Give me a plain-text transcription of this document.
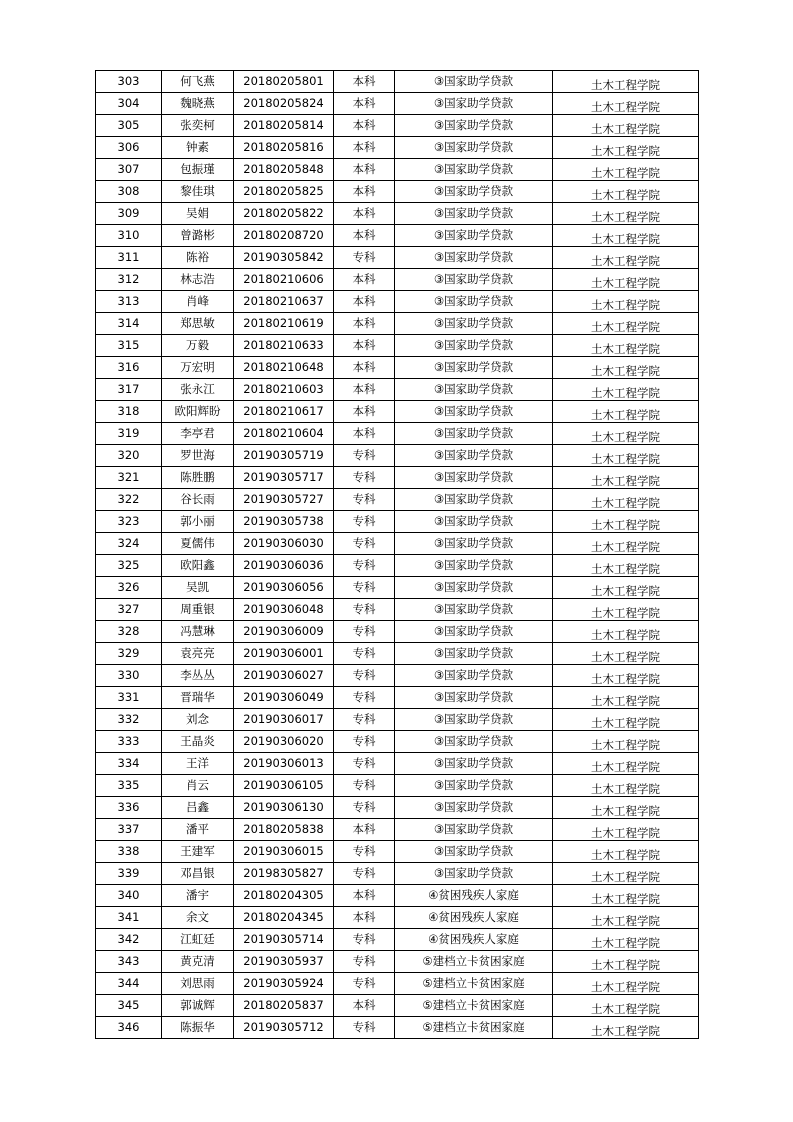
303	何飞燕	20180205801	本科	③国家助学贷款	土木工程学院
304	魏晓燕	20180205824	本科	③国家助学贷款	土木工程学院
305	张奕柯	20180205814	本科	③国家助学贷款	土木工程学院
306	钟素	20180205816	本科	③国家助学贷款	土木工程学院
307	包振瑾	20180205848	本科	③国家助学贷款	土木工程学院
308	黎佳琪	20180205825	本科	③国家助学贷款	土木工程学院
309	吴娟	20180205822	本科	③国家助学贷款	土木工程学院
310	曾潞彬	20180208720	本科	③国家助学贷款	土木工程学院
311	陈裕	20190305842	专科	③国家助学贷款	土木工程学院
312	林志浩	20180210606	本科	③国家助学贷款	土木工程学院
313	肖峰	20180210637	本科	③国家助学贷款	土木工程学院
314	郑思敏	20180210619	本科	③国家助学贷款	土木工程学院
315	万毅	20180210633	本科	③国家助学贷款	土木工程学院
316	万宏明	20180210648	本科	③国家助学贷款	土木工程学院
317	张永江	20180210603	本科	③国家助学贷款	土木工程学院
318	欧阳辉盼	20180210617	本科	③国家助学贷款	土木工程学院
319	李亭君	20180210604	本科	③国家助学贷款	土木工程学院
320	罗世海	20190305719	专科	③国家助学贷款	土木工程学院
321	陈胜鹏	20190305717	专科	③国家助学贷款	土木工程学院
322	谷长雨	20190305727	专科	③国家助学贷款	土木工程学院
323	郭小丽	20190305738	专科	③国家助学贷款	土木工程学院
324	夏儒伟	20190306030	专科	③国家助学贷款	土木工程学院
325	欧阳鑫	20190306036	专科	③国家助学贷款	土木工程学院
326	吴凯	20190306056	专科	③国家助学贷款	土木工程学院
327	周重银	20190306048	专科	③国家助学贷款	土木工程学院
328	冯慧琳	20190306009	专科	③国家助学贷款	土木工程学院
329	袁亮亮	20190306001	专科	③国家助学贷款	土木工程学院
330	李丛丛	20190306027	专科	③国家助学贷款	土木工程学院
331	晋瑞华	20190306049	专科	③国家助学贷款	土木工程学院
332	刘念	20190306017	专科	③国家助学贷款	土木工程学院
333	王晶炎	20190306020	专科	③国家助学贷款	土木工程学院
334	王洋	20190306013	专科	③国家助学贷款	土木工程学院
335	肖云	20190306105	专科	③国家助学贷款	土木工程学院
336	吕鑫	20190306130	专科	③国家助学贷款	土木工程学院
337	潘平	20180205838	本科	③国家助学贷款	土木工程学院
338	王建军	20190306015	专科	③国家助学贷款	土木工程学院
339	邓昌银	20198305827	专科	③国家助学贷款	土木工程学院
340	潘宇	20180204305	本科	④贫困残疾人家庭	土木工程学院
341	余文	20180204345	本科	④贫困残疾人家庭	土木工程学院
342	江虹廷	20190305714	专科	④贫困残疾人家庭	土木工程学院
343	黄克清	20190305937	专科	⑤建档立卡贫困家庭	土木工程学院
344	刘思雨	20190305924	专科	⑤建档立卡贫困家庭	土木工程学院
345	郭诚辉	20180205837	本科	⑤建档立卡贫困家庭	土木工程学院
346	陈振华	20190305712	专科	⑤建档立卡贫困家庭	土木工程学院
